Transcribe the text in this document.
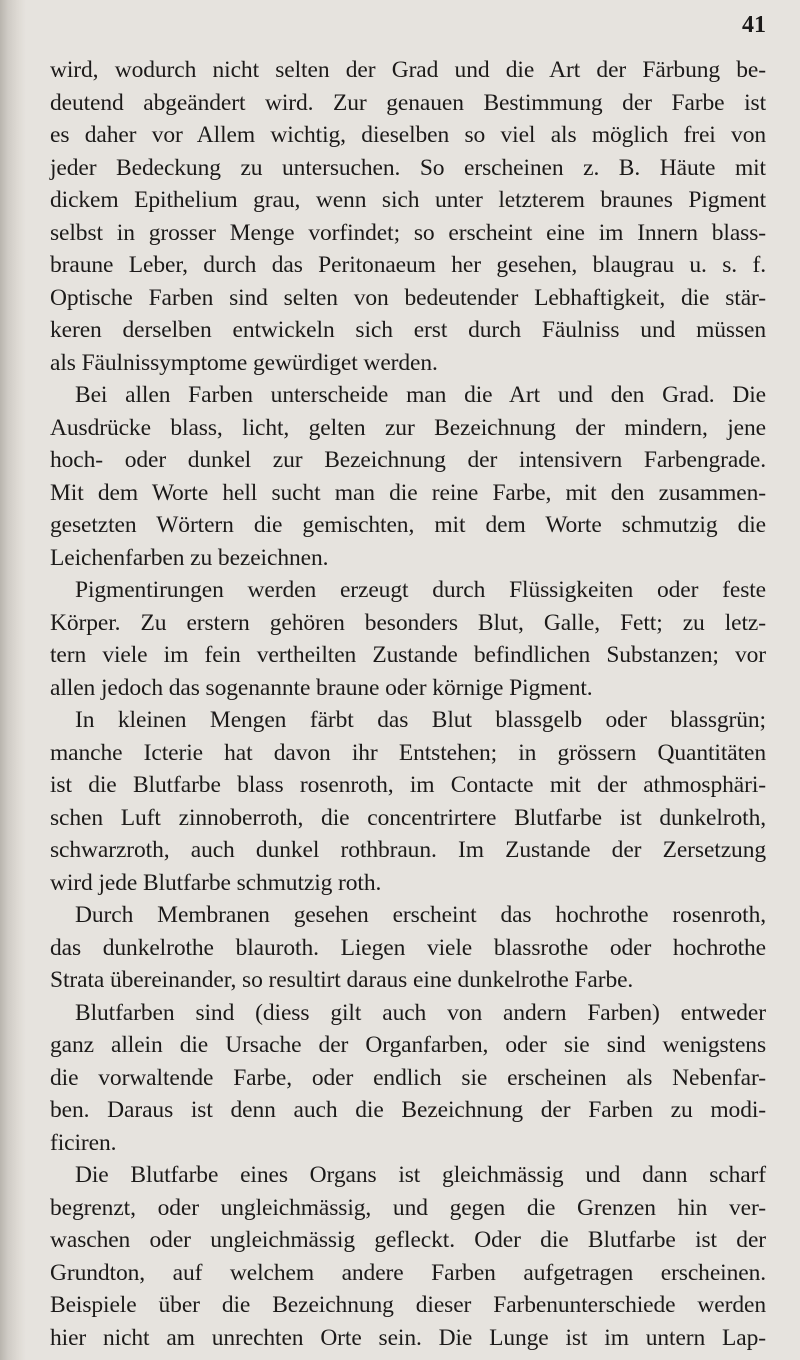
41
wird, wodurch nicht selten der Grad und die Art der Färbung be-
deutend abgeändert wird. Zur genauen Bestimmung der Farbe ist
es daher vor Allem wichtig, dieselben so viel als möglich frei von
jeder Bedeckung zu untersuchen. So erscheinen z. B. Häute mit
dickem Epithelium grau, wenn sich unter letzterem braunes Pigment
selbst in grosser Menge vorfindet; so erscheint eine im Innern blass-
braune Leber, durch das Peritonaeum her gesehen, blaugrau u. s. f.
Optische Farben sind selten von bedeutender Lebhaftigkeit, die stär-
keren derselben entwickeln sich erst durch Fäulniss und müssen
als Fäulnissymptome gewürdiget werden.
Bei allen Farben unterscheide man die Art und den Grad. Die
Ausdrücke blass, licht, gelten zur Bezeichnung der mindern, jene
hoch- oder dunkel zur Bezeichnung der intensivern Farbengrade.
Mit dem Worte hell sucht man die reine Farbe, mit den zusammen-
gesetzten Wörtern die gemischten, mit dem Worte schmutzig die
Leichenfarben zu bezeichnen.
Pigmentirungen werden erzeugt durch Flüssigkeiten oder feste
Körper. Zu erstern gehören besonders Blut, Galle, Fett; zu letz-
tern viele im fein vertheilten Zustande befindlichen Substanzen; vor
allen jedoch das sogenannte braune oder körnige Pigment.
In kleinen Mengen färbt das Blut blassgelb oder blassgrün;
manche Icterie hat davon ihr Entstehen; in grössern Quantitäten
ist die Blutfarbe blass rosenroth, im Contacte mit der athmosphäri-
schen Luft zinnoberroth, die concentrirtere Blutfarbe ist dunkelroth,
schwarzroth, auch dunkel rothbraun. Im Zustande der Zersetzung
wird jede Blutfarbe schmutzig roth.
Durch Membranen gesehen erscheint das hochrothe rosenroth,
das dunkelrothe blauroth. Liegen viele blassrothe oder hochrothe
Strata übereinander, so resultirt daraus eine dunkelrothe Farbe.
Blutfarben sind (diess gilt auch von andern Farben) entweder
ganz allein die Ursache der Organfarben, oder sie sind wenigstens
die vorwaltende Farbe, oder endlich sie erscheinen als Nebenfar-
ben. Daraus ist denn auch die Bezeichnung der Farben zu modi-
ficiren.
Die Blutfarbe eines Organs ist gleichmässig und dann scharf
begrenzt, oder ungleichmässig, und gegen die Grenzen hin ver-
waschen oder ungleichmässig gefleckt. Oder die Blutfarbe ist der
Grundton, auf welchem andere Farben aufgetragen erscheinen.
Beispiele über die Bezeichnung dieser Farbenunterschiede werden
hier nicht am unrechten Orte sein. Die Lunge ist im untern Lap-
